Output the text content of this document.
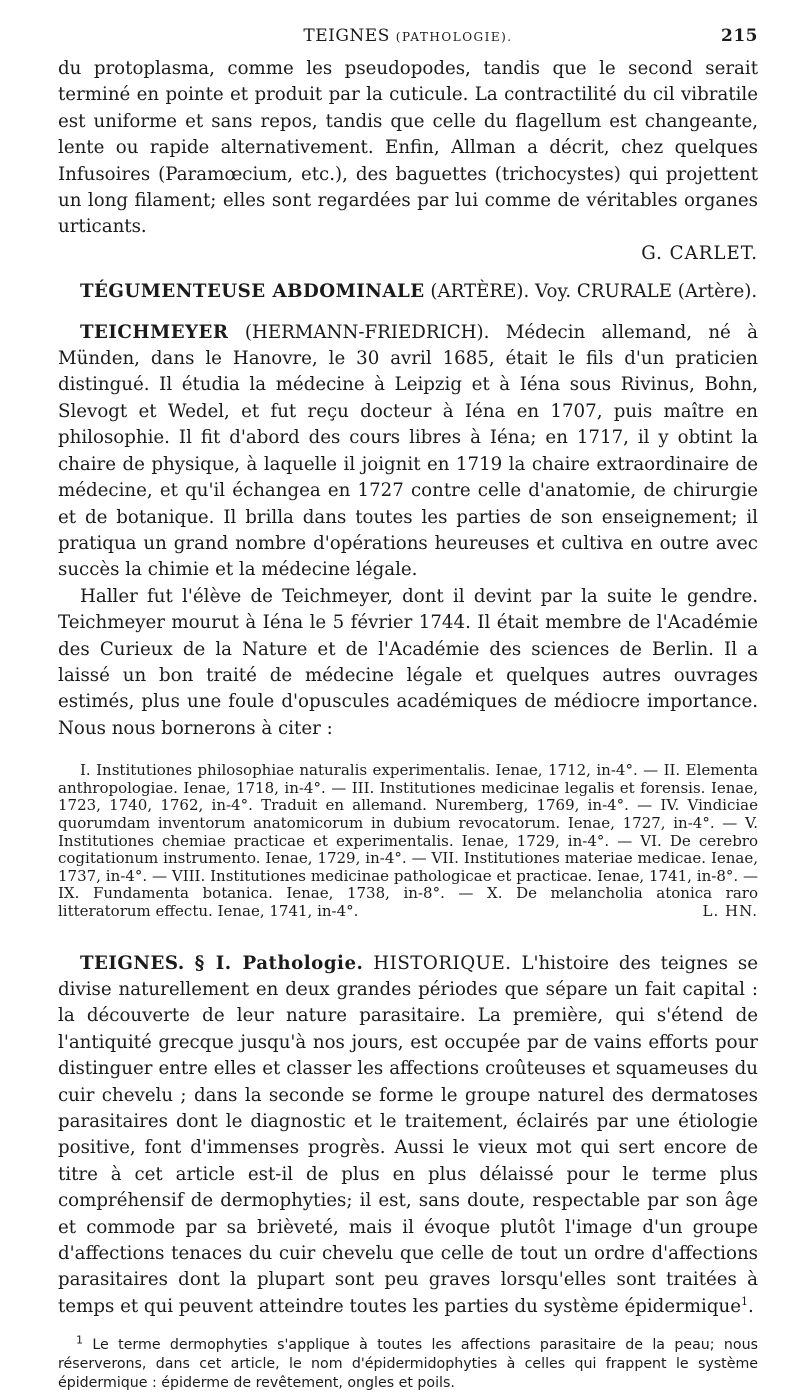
TEIGNES (PATHOLOGIE).	215

du protoplasma, comme les pseudopodes, tandis que le second serait terminé en pointe et produit par la cuticule. La contractilité du cil vibratile est uniforme et sans repos, tandis que celle du flagellum est changeante, lente ou rapide alternativement. Enfin, Allman a décrit, chez quelques Infusoires (Paramœcium, etc.), des baguettes (trichocystes) qui projettent un long filament; elles sont regardées par lui comme de véritables organes urticants.

G. CARLET.

TÉGUMENTEUSE ABDOMINALE (ARTÈRE). Voy. CRURALE (Artère).

TEICHMEYER (HERMANN-FRIEDRICH). Médecin allemand, né à Münden, dans le Hanovre, le 30 avril 1685, était le fils d'un praticien distingué. Il étudia la médecine à Leipzig et à Iéna sous Rivinus, Bohn, Slevogt et Wedel, et fut reçu docteur à Iéna en 1707, puis maître en philosophie. Il fit d'abord des cours libres à Iéna; en 1717, il y obtint la chaire de physique, à laquelle il joignit en 1719 la chaire extraordinaire de médecine, et qu'il échangea en 1727 contre celle d'anatomie, de chirurgie et de botanique. Il brilla dans toutes les parties de son enseignement; il pratiqua un grand nombre d'opérations heureuses et cultiva en outre avec succès la chimie et la médecine légale.

Haller fut l'élève de Teichmeyer, dont il devint par la suite le gendre. Teichmeyer mourut à Iéna le 5 février 1744. Il était membre de l'Académie des Curieux de la Nature et de l'Académie des sciences de Berlin. Il a laissé un bon traité de médecine légale et quelques autres ouvrages estimés, plus une foule d'opuscules académiques de médiocre importance. Nous nous bornerons à citer :

I. Institutiones philosophiae naturalis experimentalis. Ienae, 1712, in-4°. — II. Elementa anthropologiae. Ienae, 1718, in-4°. — III. Institutiones medicinae legalis et forensis. Ienae, 1723, 1740, 1762, in-4°. Traduit en allemand. Nuremberg, 1769, in-4°. — IV. Vindiciae quorumdam inventorum anatomicorum in dubium revocatorum. Ienae, 1727, in-4°. — V. Institutiones chemiae practicae et experimentalis. Ienae, 1729, in-4°. — VI. De cerebro cogitationum instrumento. Ienae, 1729, in-4°. — VII. Institutiones materiae medicae. Ienae, 1737, in-4°. — VIII. Institutiones medicinae pathologicae et practicae. Ienae, 1741, in-8°. — IX. Fundamenta botanica. Ienae, 1738, in-8°. — X. De melancholia atonica raro litteratorum effectu. Ienae, 1741, in-4°.	L. HN.

TEIGNES. § I. Pathologie. HISTORIQUE. L'histoire des teignes se divise naturellement en deux grandes périodes que sépare un fait capital : la découverte de leur nature parasitaire. La première, qui s'étend de l'antiquité grecque jusqu'à nos jours, est occupée par de vains efforts pour distinguer entre elles et classer les affections croûteuses et squameuses du cuir chevelu ; dans la seconde se forme le groupe naturel des dermatoses parasitaires dont le diagnostic et le traitement, éclairés par une étiologie positive, font d'immenses progrès. Aussi le vieux mot qui sert encore de titre à cet article est-il de plus en plus délaissé pour le terme plus compréhensif de dermophyties; il est, sans doute, respectable par son âge et commode par sa brièveté, mais il évoque plutôt l'image d'un groupe d'affections tenaces du cuir chevelu que celle de tout un ordre d'affections parasitaires dont la plupart sont peu graves lorsqu'elles sont traitées à temps et qui peuvent atteindre toutes les parties du système épidermique$^1$.

$^1$ Le terme dermophyties s'applique à toutes les affections parasitaire de la peau; nous réserverons, dans cet article, le nom d'épidermidophyties à celles qui frappent le système épidermique : épiderme de revêtement, ongles et poils.
